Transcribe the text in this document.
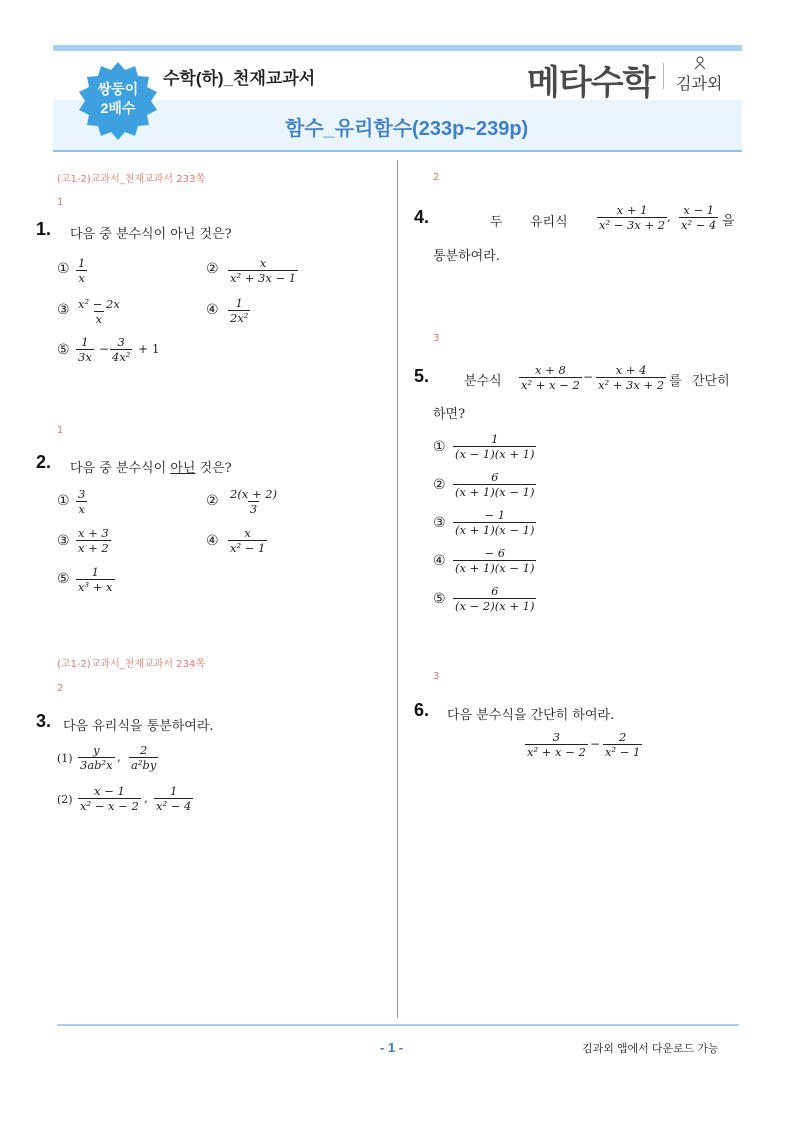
쌍둥이
2배수
수학(하)_천재교과서
함수_유리함수(233p~239p)
메타수학 김과외
(고1-2)교과서_천재교과서 233쪽
1
1. 다음 중 분수식이 아닌 것은?
① $\frac{1}{x}$	② $\frac{x}{\text{x² + 3x − 1}}$
③ $\frac{\text{x² − 2x}}{x}$	④ $\frac{1}{\text{2x²}}$
⑤ $\frac{1}{3x} - \frac{3}{\text{4x²}} + 1$
1
2. 다음 중 분수식이 아닌 것은?
① $\frac{3}{x}$	② $\frac{2(x + 2)}{3}$
③ $\frac{x + 3}{x + 2}$	④ $\frac{x}{\text{x² − 1}}$
⑤ $\frac{1}{\text{x³ + x}}$
(고1-2)교과서_천재교과서 234쪽
2
3. 다음 유리식을 통분하여라.
$(1) \frac{y}{\text{3ab²x}}$ , $\frac{2}{\text{a²by}}$
$(2) \frac{x - 1}{\text{x² − x − 2}}$ , $\frac{1}{\text{x² − 4}}$
2
4.	두 유리식	$\frac{x + 1}{\text{x² − 3x + 2}}$ , $\frac{x - 1}{\text{x² − 4}}$ 을
통분하여라.
3
5.	분수식 $\frac{x + 8}{\text{x² + x − 2}} - \frac{x + 4}{\text{x² + 3x + 2}}$ 를 간단히
하면?
① $\frac{1}{(x - 1)(x + 1)}$
② $\frac{6}{(x + 1)(x - 1)}$
③ $\frac{- 1}{(x + 1)(x - 1)}$
④ $\frac{- 6}{(x + 1)(x - 1)}$
⑤ $\frac{6}{(x - 2)(x + 1)}$
3
6. 다음 분수식을 간단히 하여라.
$\frac{3}{\text{x² + x − 2}} - \frac{2}{\text{x² − 1}}$
- 1 -	김과외 앱에서 다운로드 가능
